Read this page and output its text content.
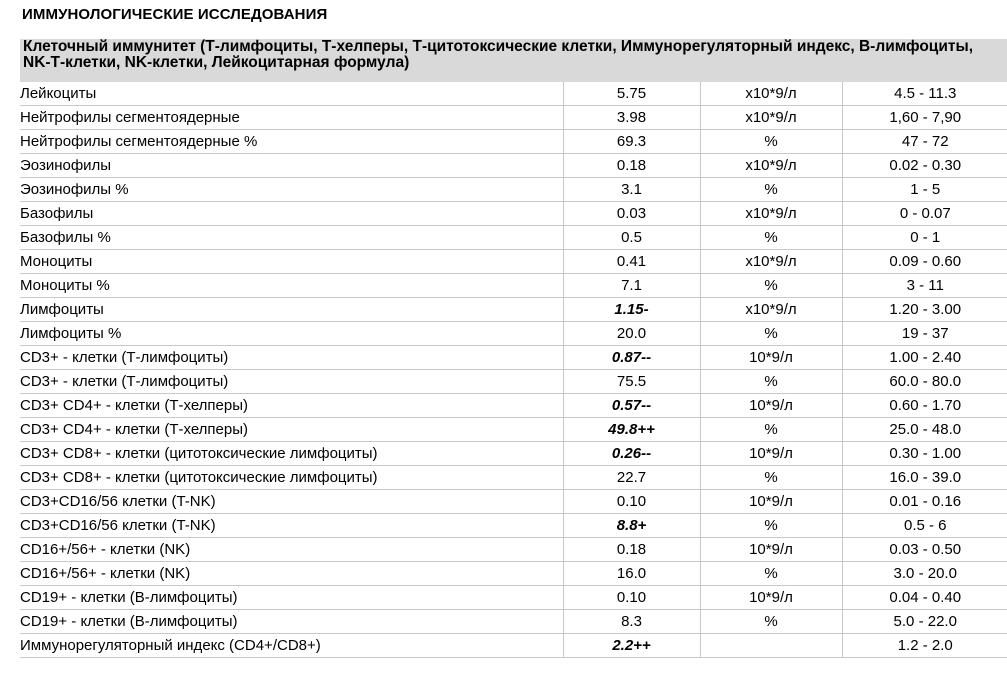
ИММУНОЛОГИЧЕСКИЕ ИССЛЕДОВАНИЯ
Клеточный иммунитет (Т-лимфоциты, Т-хелперы, Т-цитотоксические клетки, Иммунорегуляторный индекс, В-лимфоциты, NK-Т-клетки, NK-клетки, Лейкоцитарная формула)
Лейкоциты	5.75	х10*9/л	4.5 - 11.3
Нейтрофилы сегментоядерные	3.98	х10*9/л	1,60 - 7,90
Нейтрофилы сегментоядерные %	69.3	%	47 - 72
Эозинофилы	0.18	х10*9/л	0.02 - 0.30
Эозинофилы %	3.1	%	1 - 5
Базофилы	0.03	х10*9/л	0 - 0.07
Базофилы %	0.5	%	0 - 1
Моноциты	0.41	х10*9/л	0.09 - 0.60
Моноциты %	7.1	%	3 - 11
Лимфоциты	1.15-	х10*9/л	1.20 - 3.00
Лимфоциты %	20.0	%	19 - 37
CD3+ - клетки (Т-лимфоциты)	0.87--	10*9/л	1.00 - 2.40
CD3+ - клетки (Т-лимфоциты)	75.5	%	60.0 - 80.0
CD3+ CD4+ - клетки (Т-хелперы)	0.57--	10*9/л	0.60 - 1.70
CD3+ CD4+ - клетки (Т-хелперы)	49.8++	%	25.0 - 48.0
CD3+ CD8+ - клетки (цитотоксические лимфоциты)	0.26--	10*9/л	0.30 - 1.00
CD3+ CD8+ - клетки (цитотоксические лимфоциты)	22.7	%	16.0 - 39.0
CD3+CD16/56 клетки (T-NK)	0.10	10*9/л	0.01 - 0.16
CD3+CD16/56 клетки (T-NK)	8.8+	%	0.5 - 6
CD16+/56+ - клетки (NK)	0.18	10*9/л	0.03 - 0.50
CD16+/56+ - клетки (NK)	16.0	%	3.0 - 20.0
CD19+ - клетки (В-лимфоциты)	0.10	10*9/л	0.04 - 0.40
CD19+ - клетки (В-лимфоциты)	8.3	%	5.0 - 22.0
Иммунорегуляторный индекс (CD4+/CD8+)	2.2++		1.2 - 2.0
